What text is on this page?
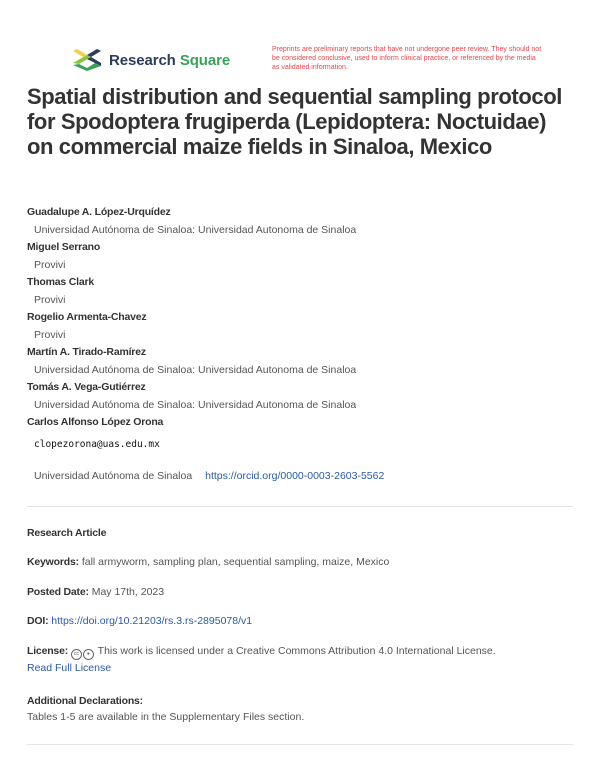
Research Square
Preprints are preliminary reports that have not undergone peer review. They should not be considered conclusive, used to inform clinical practice, or referenced by the media as validated information.
Spatial distribution and sequential sampling protocol for Spodoptera frugiperda (Lepidoptera: Noctuidae) on commercial maize fields in Sinaloa, Mexico
Guadalupe A. López-Urquídez
Universidad Autónoma de Sinaloa: Universidad Autonoma de Sinaloa
Miguel Serrano
Provivi
Thomas Clark
Provivi
Rogelio Armenta-Chavez
Provivi
Martín A. Tirado-Ramírez
Universidad Autónoma de Sinaloa: Universidad Autonoma de Sinaloa
Tomás A. Vega-Gutiérrez
Universidad Autónoma de Sinaloa: Universidad Autonoma de Sinaloa
Carlos Alfonso López Orona
clopezorona@uas.edu.mx
Universidad Autónoma de Sinaloa https://orcid.org/0000-0003-2603-5562
Research Article
Keywords: fall armyworm, sampling plan, sequential sampling, maize, Mexico
Posted Date: May 17th, 2023
DOI: https://doi.org/10.21203/rs.3.rs-2895078/v1
License: cc ● This work is licensed under a Creative Commons Attribution 4.0 International License.
Read Full License
Additional Declarations:
Tables 1-5 are available in the Supplementary Files section.
